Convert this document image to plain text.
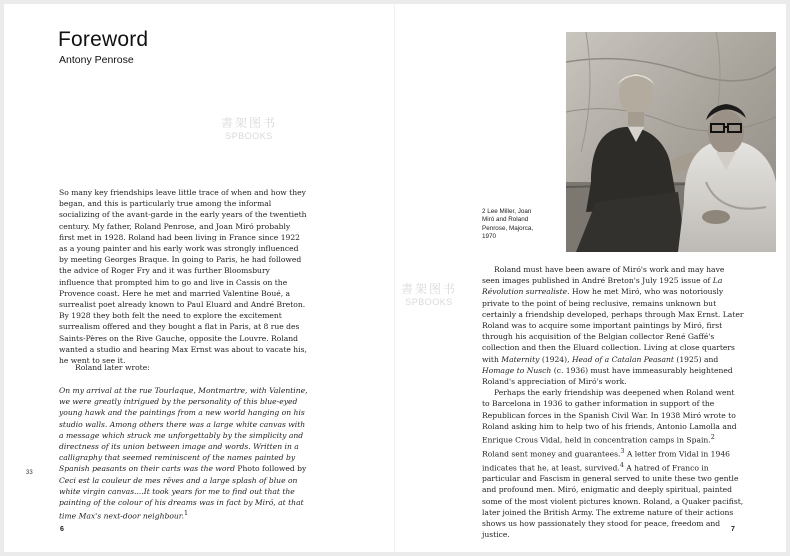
Foreword
Antony Penrose

So many key friendships leave little trace of when and how they began, and this is particularly true among the informal socializing of the avant-garde in the early years of the twentieth century. My father, Roland Penrose, and Joan Miró probably first met in 1928. Roland had been living in France since 1922 as a young painter and his early work was strongly influenced by meeting Georges Braque. In going to Paris, he had followed the advice of Roger Fry and it was further Bloomsbury influence that prompted him to go and live in Cassis on the Provence coast. Here he met and married Valentine Boué, a surrealist poet already known to Paul Eluard and André Breton. By 1928 they both felt the need to explore the excitement surrealism offered and they bought a flat in Paris, at 8 rue des Saints-Pères on the Rive Gauche, opposite the Louvre. Roland wanted a studio and hearing Max Ernst was about to vacate his, he went to see it.

Roland later wrote:

On my arrival at the rue Tourlaque, Montmartre, with Valentine, we were greatly intrigued by the personality of this blue-eyed young hawk and the paintings from a new world hanging on his studio walls. Among others there was a large white canvas with a message which struck me unforgettably by the simplicity and directness of its union between image and words. Written in a calligraphy that seemed reminiscent of the names painted by Spanish peasants on their carts was the word Photo followed by Ceci est la couleur de mes rêves and a large splash of blue on white virgin canvas....It took years for me to find out that the painting of the colour of his dreams was in fact by Miró, at that time Max's next-door neighbour.$^1$

33
6
書架图书
SPBOOKS

2 Lee Miller, Joan Miró and Roland Penrose, Majorca, 1970

Roland must have been aware of Miró's work and may have seen images published in André Breton's July 1925 issue of La Révolution surrealiste. How he met Miró, who was notoriously private to the point of being reclusive, remains unknown but certainly a friendship developed, perhaps through Max Ernst. Later Roland was to acquire some important paintings by Miró, first through his acquisition of the Belgian collector René Gaffé's collection and then the Eluard collection. Living at close quarters with Maternity (1924), Head of a Catalan Peasant (1925) and Homage to Nusch (c. 1936) must have immeasurably heightened Roland's appreciation of Miró's work.
Perhaps the early friendship was deepened when Roland went to Barcelona in 1936 to gather information in support of the Republican forces in the Spanish Civil War. In 1938 Miró wrote to Roland asking him to help two of his friends, Antonio Lamolla and Enrique Crous Vidal, held in concentration camps in Spain.$^2$ Roland sent money and guarantees.$^3$ A letter from Vidal in 1946 indicates that he, at least, survived.$^4$ A hatred of Franco in particular and Fascism in general served to unite these two gentle and profound men. Miró, enigmatic and deeply spiritual, painted some of the most violent pictures known. Roland, a Quaker pacifist, later joined the British Army. The extreme nature of their actions shows us how passionately they stood for peace, freedom and justice.

7
書架图书
SPBOOKS
